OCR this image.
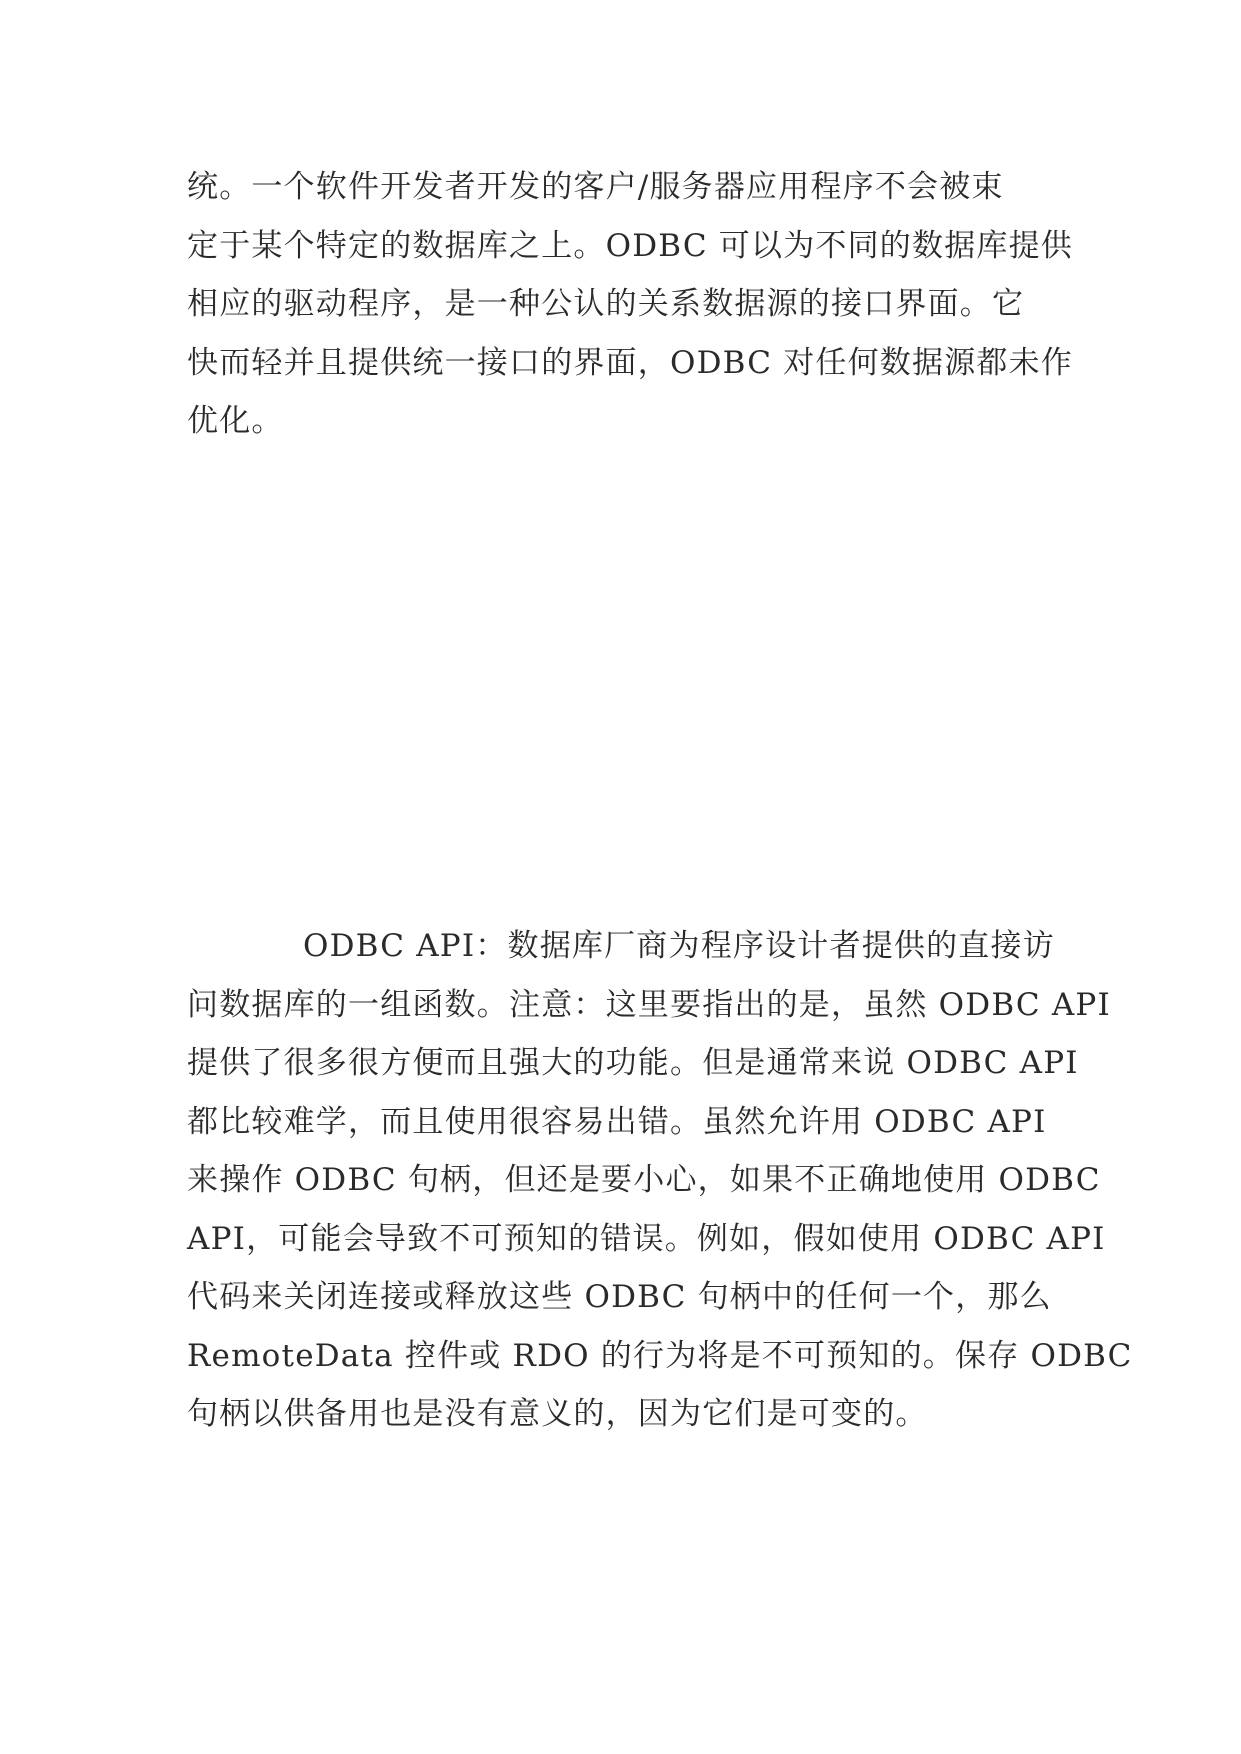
统。一个软件开发者开发的客户/服务器应用程序不会被束
定于某个特定的数据库之上。ODBC 可以为不同的数据库提供
相应的驱动程序，是一种公认的关系数据源的接口界面。它
快而轻并且提供统一接口的界面，ODBC 对任何数据源都未作
优化。

ODBC API：数据库厂商为程序设计者提供的直接访
问数据库的一组函数。注意：这里要指出的是，虽然 ODBC API
提供了很多很方便而且强大的功能。但是通常来说 ODBC API
都比较难学，而且使用很容易出错。虽然允许用 ODBC API
来操作 ODBC 句柄，但还是要小心，如果不正确地使用 ODBC
API，可能会导致不可预知的错误。例如，假如使用 ODBC API
代码来关闭连接或释放这些 ODBC 句柄中的任何一个，那么
RemoteData 控件或 RDO 的行为将是不可预知的。保存 ODBC
句柄以供备用也是没有意义的，因为它们是可变的。
